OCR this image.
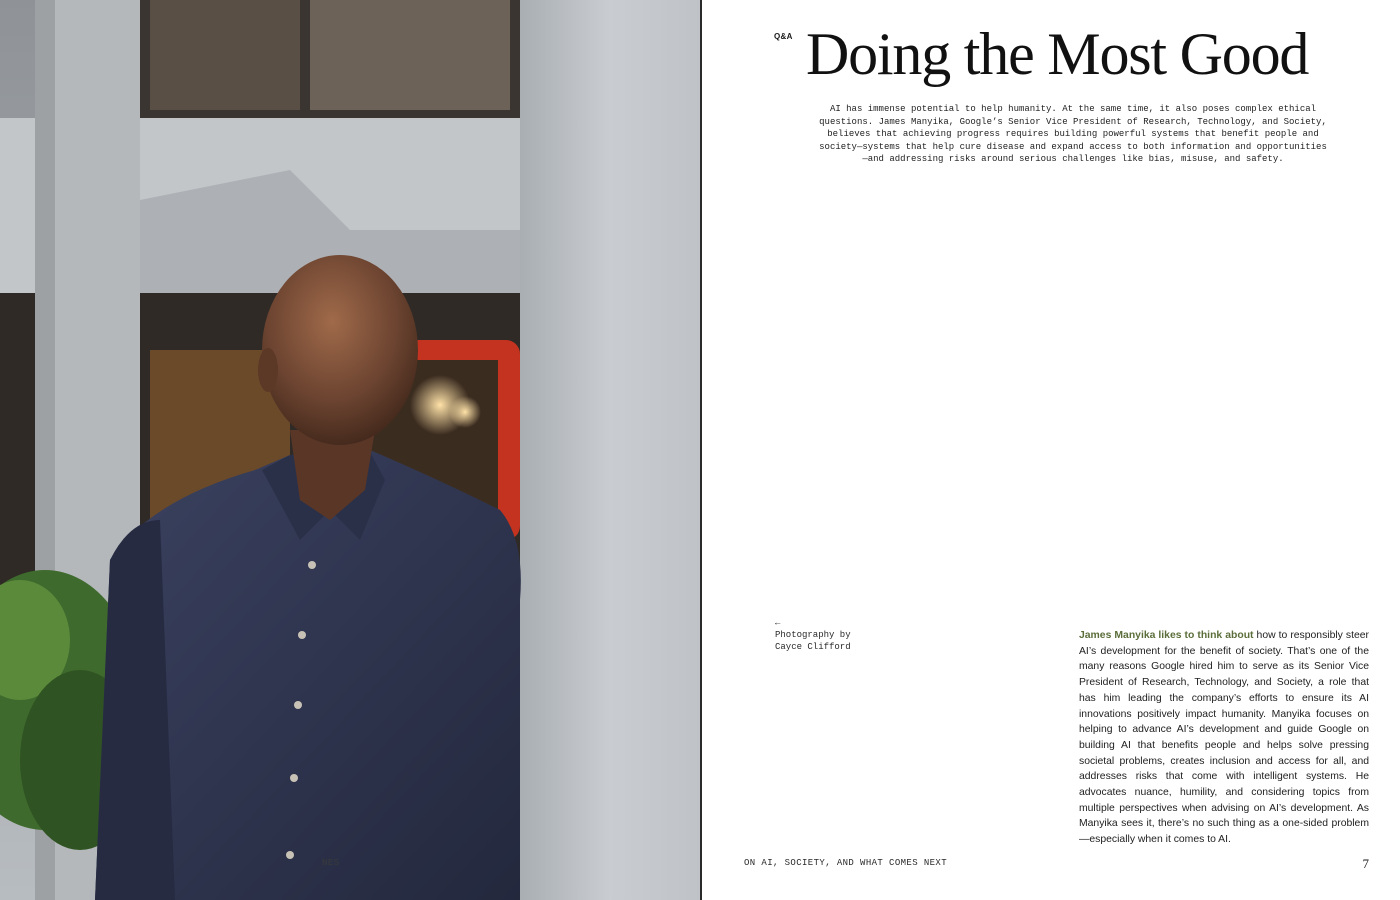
NES
Q&A Doing the Most Good
AI has immense potential to help humanity. At the same time, it also poses complex ethical questions. James Manyika, Google’s Senior Vice President of Research, Technology, and Society, believes that achieving progress requires building powerful systems that benefit people and society—systems that help cure disease and expand access to both information and opportunities—and addressing risks around serious challenges like bias, misuse, and safety.
←
Photography by
Cayce Clifford
James Manyika likes to think about how to responsibly steer AI’s development for the benefit of society. That’s one of the many reasons Google hired him to serve as its Senior Vice President of Research, Technology, and Society, a role that has him leading the company’s efforts to ensure its AI innovations positively impact humanity. Manyika focuses on helping to advance AI’s development and guide Google on building AI that benefits people and helps solve pressing societal problems, creates inclusion and access for all, and addresses risks that come with intelligent systems. He advocates nuance, humility, and considering topics from multiple perspectives when advising on AI’s development. As Manyika sees it, there’s no such thing as a one-sided problem—especially when it comes to AI.
ON AI, SOCIETY, AND WHAT COMES NEXT	7
